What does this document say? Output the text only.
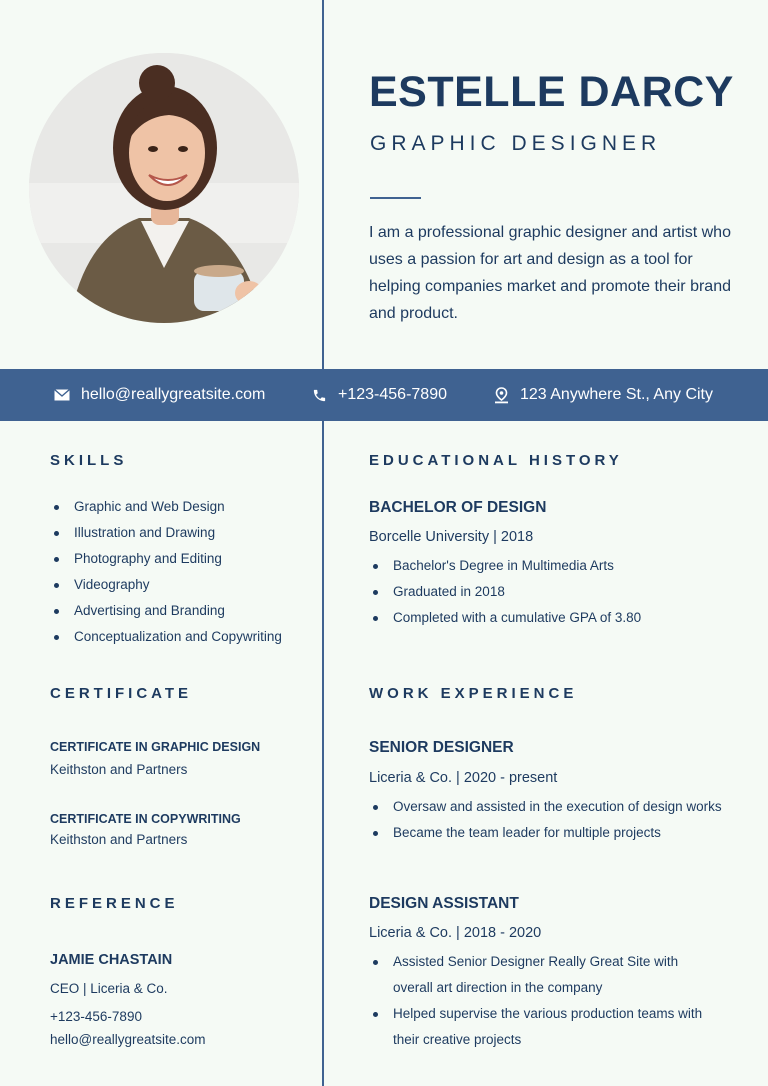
ESTELLE DARCY
GRAPHIC DESIGNER
I am a professional graphic designer and artist who uses a passion for art and design as a tool for helping companies market and promote their brand and product.
hello@reallygreatsite.com	+123-456-7890	123 Anywhere St., Any City
SKILLS
Graphic and Web Design
Illustration and Drawing
Photography and Editing
Videography
Advertising and Branding
Conceptualization and Copywriting
CERTIFICATE
CERTIFICATE IN GRAPHIC DESIGN
Keithston and Partners
CERTIFICATE IN COPYWRITING
Keithston and Partners
REFERENCE
JAMIE CHASTAIN
CEO | Liceria & Co.
+123-456-7890
hello@reallygreatsite.com
EDUCATIONAL HISTORY
BACHELOR OF DESIGN
Borcelle University | 2018
Bachelor's Degree in Multimedia Arts
Graduated in 2018
Completed with a cumulative GPA of 3.80
WORK EXPERIENCE
SENIOR DESIGNER
Liceria & Co. | 2020 - present
Oversaw and assisted in the execution of design works
Became the team leader for multiple projects
DESIGN ASSISTANT
Liceria & Co. | 2018 - 2020
Assisted Senior Designer Really Great Site with overall art direction in the company
Helped supervise the various production teams with their creative projects
